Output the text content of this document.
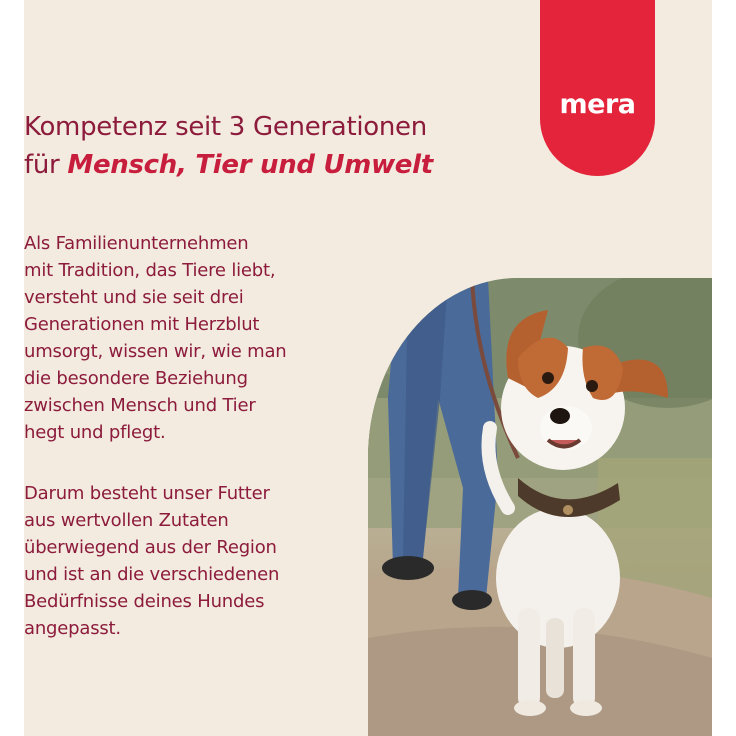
mera
Kompetenz seit 3 Generationen
für Mensch, Tier und Umwelt
Als Familienunternehmen
mit Tradition, das Tiere liebt,
versteht und sie seit drei
Generationen mit Herzblut
umsorgt, wissen wir, wie man
die besondere Beziehung
zwischen Mensch und Tier
hegt und pflegt.
Darum besteht unser Futter
aus wertvollen Zutaten
überwiegend aus der Region
und ist an die verschiedenen
Bedürfnisse deines Hundes
angepasst.
